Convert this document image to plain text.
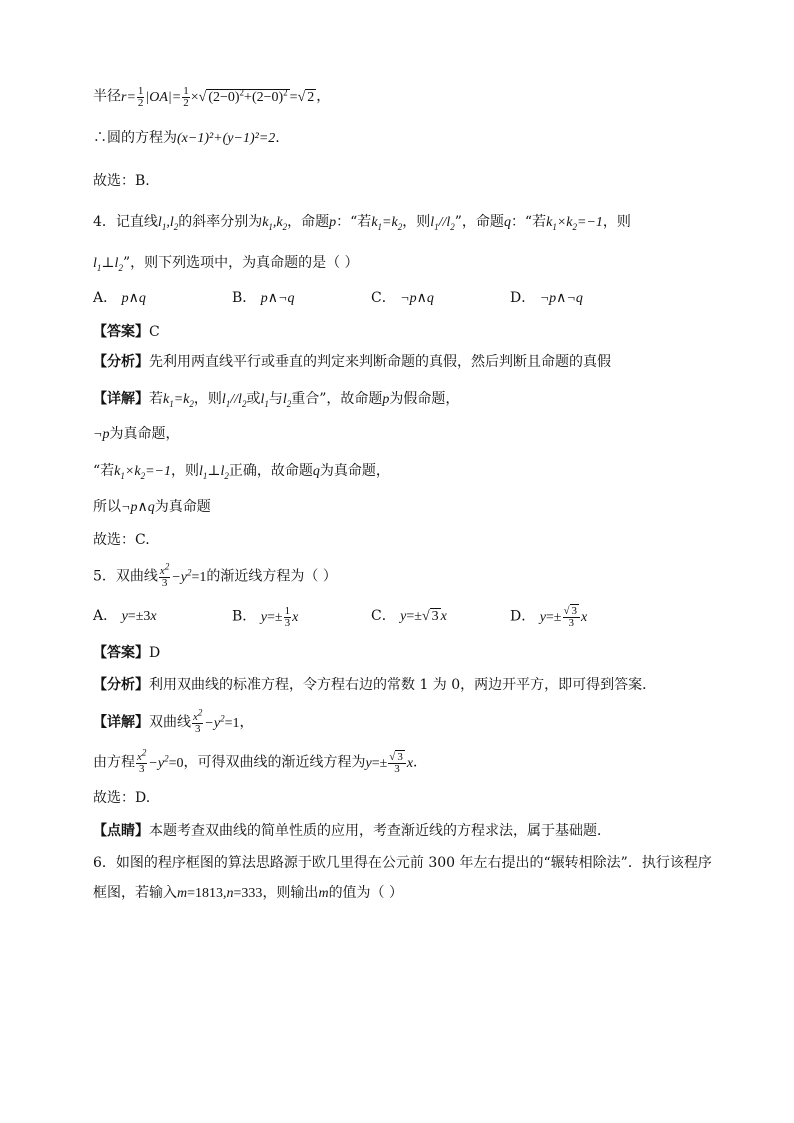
半径$r= \frac{1}{2} |OA|= \frac{1}{2}$ ×√ $(2-0)^2+(2-0)^2$ =√ 2 ，
∴圆的方程为(x−1)²+(y−1)²=2.
故选：B.
4．记直线$l_1,l_2$的斜率分别为$k_1,k_2$，命题p：“若$k_1=k_2$，则$l_1//l_2$”，命题q：“若$k_1\times k_2=-1$，则
$l_1\perp l_2$”，则下列选项中，为真命题的是（ ）
A． p∧q	B． p∧¬q	C． ¬p∧q	D． ¬p∧¬q
【答案】C
【分析】先利用两直线平行或垂直的判定来判断命题的真假，然后判断且命题的真假
【详解】若$k_1=k_2$，则$l_1//l_2$或$l_1$与$l_2$重合”，故命题p为假命题，
¬p为真命题，
“若$k_1\times k_2=-1$，则$l_1\perp l_2$正确，故命题q为真命题，
所以¬p∧q为真命题
故选：C.
5．双曲线 $\frac{x^2}{3} -y^2=1$的渐近线方程为（ ）
A． y=±3x	B． $y=\pm \frac{1}{3}$ x	C． y=±√ 3 x	D． $y=\pm \frac{√ 3}{3}$ x
【答案】D
【分析】利用双曲线的标准方程，令方程右边的常数 1 为 0，两边开平方，即可得到答案．
【详解】双曲线 $\frac{x^2}{3} -y^2=1$，
由方程 $\frac{x^2}{3} -y^2=0$，可得双曲线的渐近线方程为$y=\pm \frac{√ 3}{3}$ x．
故选：D.
【点睛】本题考查双曲线的简单性质的应用，考查渐近线的方程求法，属于基础题．
6．如图的程序框图的算法思路源于欧几里得在公元前 300 年左右提出的“辗转相除法”．执行该程序
框图，若输入m=1813,n=333，则输出m的值为（ ）
